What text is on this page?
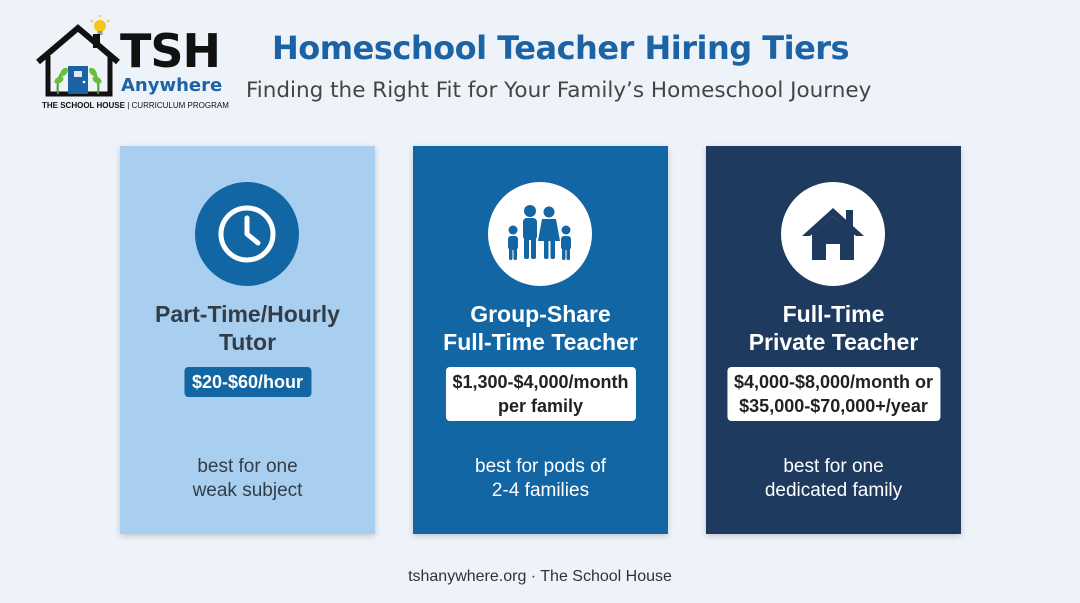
TSH
Anywhere
THE SCHOOL HOUSE | CURRICULUM PROGRAM
Homeschool Teacher Hiring Tiers
Finding the Right Fit for Your Family’s Homeschool Journey
Part-Time/Hourly
Tutor
$20-$60/hour
best for one
weak subject
Group-Share
Full-Time Teacher
$1,300-$4,000/month
per family
best for pods of
2-4 families
Full-Time
Private Teacher
$4,000-$8,000/month or
$35,000-$70,000+/year
best for one
dedicated family
tshanywhere.org · The School House
